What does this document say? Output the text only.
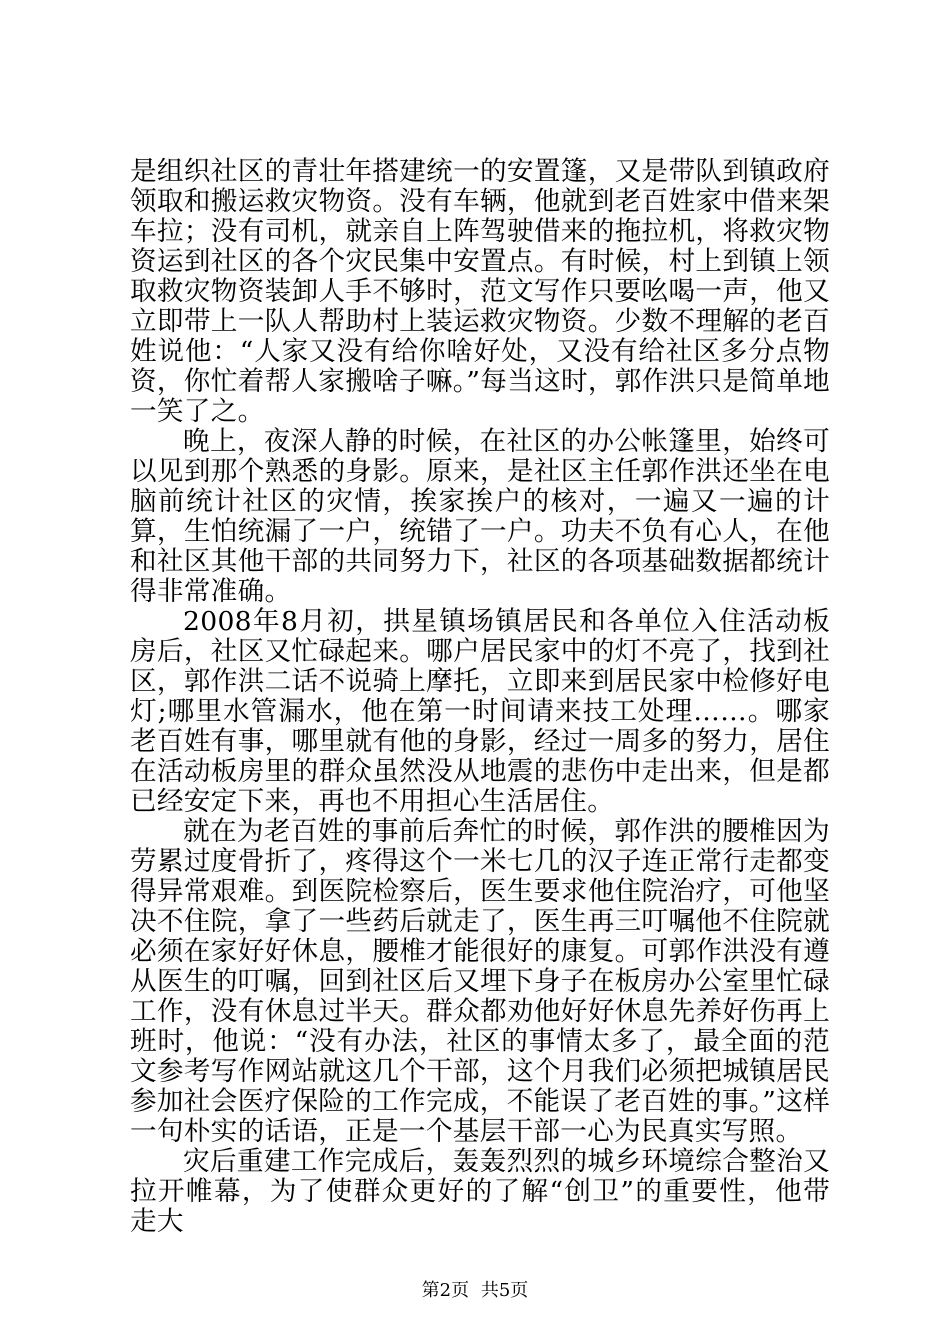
是组织社区的青壮年搭建统一的安置篷，又是带队到镇政府领取和搬运救灾物资。没有车辆，他就到老百姓家中借来架车拉；没有司机，就亲自上阵驾驶借来的拖拉机，将救灾物资运到社区的各个灾民集中安置点。有时候，村上到镇上领取救灾物资装卸人手不够时，范文写作只要吆喝一声，他又立即带上一队人帮助村上装运救灾物资。少数不理解的老百姓说他：“人家又没有给你啥好处，又没有给社区多分点物资，你忙着帮人家搬啥子嘛。”每当这时，郭作洪只是简单地一笑了之。

晚上，夜深人静的时候，在社区的办公帐篷里，始终可以见到那个熟悉的身影。原来，是社区主任郭作洪还坐在电脑前统计社区的灾情，挨家挨户的核对，一遍又一遍的计算，生怕统漏了一户，统错了一户。功夫不负有心人，在他和社区其他干部的共同努力下，社区的各项基础数据都统计得非常准确。

2008年8月初，拱星镇场镇居民和各单位入住活动板房后，社区又忙碌起来。哪户居民家中的灯不亮了，找到社区，郭作洪二话不说骑上摩托，立即来到居民家中检修好电灯;哪里水管漏水，他在第一时间请来技工处理……。哪家老百姓有事，哪里就有他的身影，经过一周多的努力，居住在活动板房里的群众虽然没从地震的悲伤中走出来，但是都已经安定下来，再也不用担心生活居住。

就在为老百姓的事前后奔忙的时候，郭作洪的腰椎因为劳累过度骨折了，疼得这个一米七几的汉子连正常行走都变得异常艰难。到医院检察后，医生要求他住院治疗，可他坚决不住院，拿了一些药后就走了，医生再三叮嘱他不住院就必须在家好好休息，腰椎才能很好的康复。可郭作洪没有遵从医生的叮嘱，回到社区后又埋下身子在板房办公室里忙碌工作，没有休息过半天。群众都劝他好好休息先养好伤再上班时，他说：“没有办法，社区的事情太多了，最全面的范文参考写作网站就这几个干部，这个月我们必须把城镇居民参加社会医疗保险的工作完成，不能误了老百姓的事。”这样一句朴实的话语，正是一个基层干部一心为民真实写照。

灾后重建工作完成后，轰轰烈烈的城乡环境综合整治又拉开帷幕，为了使群众更好的了解“创卫”的重要性，他带走大

第2页 共5页
